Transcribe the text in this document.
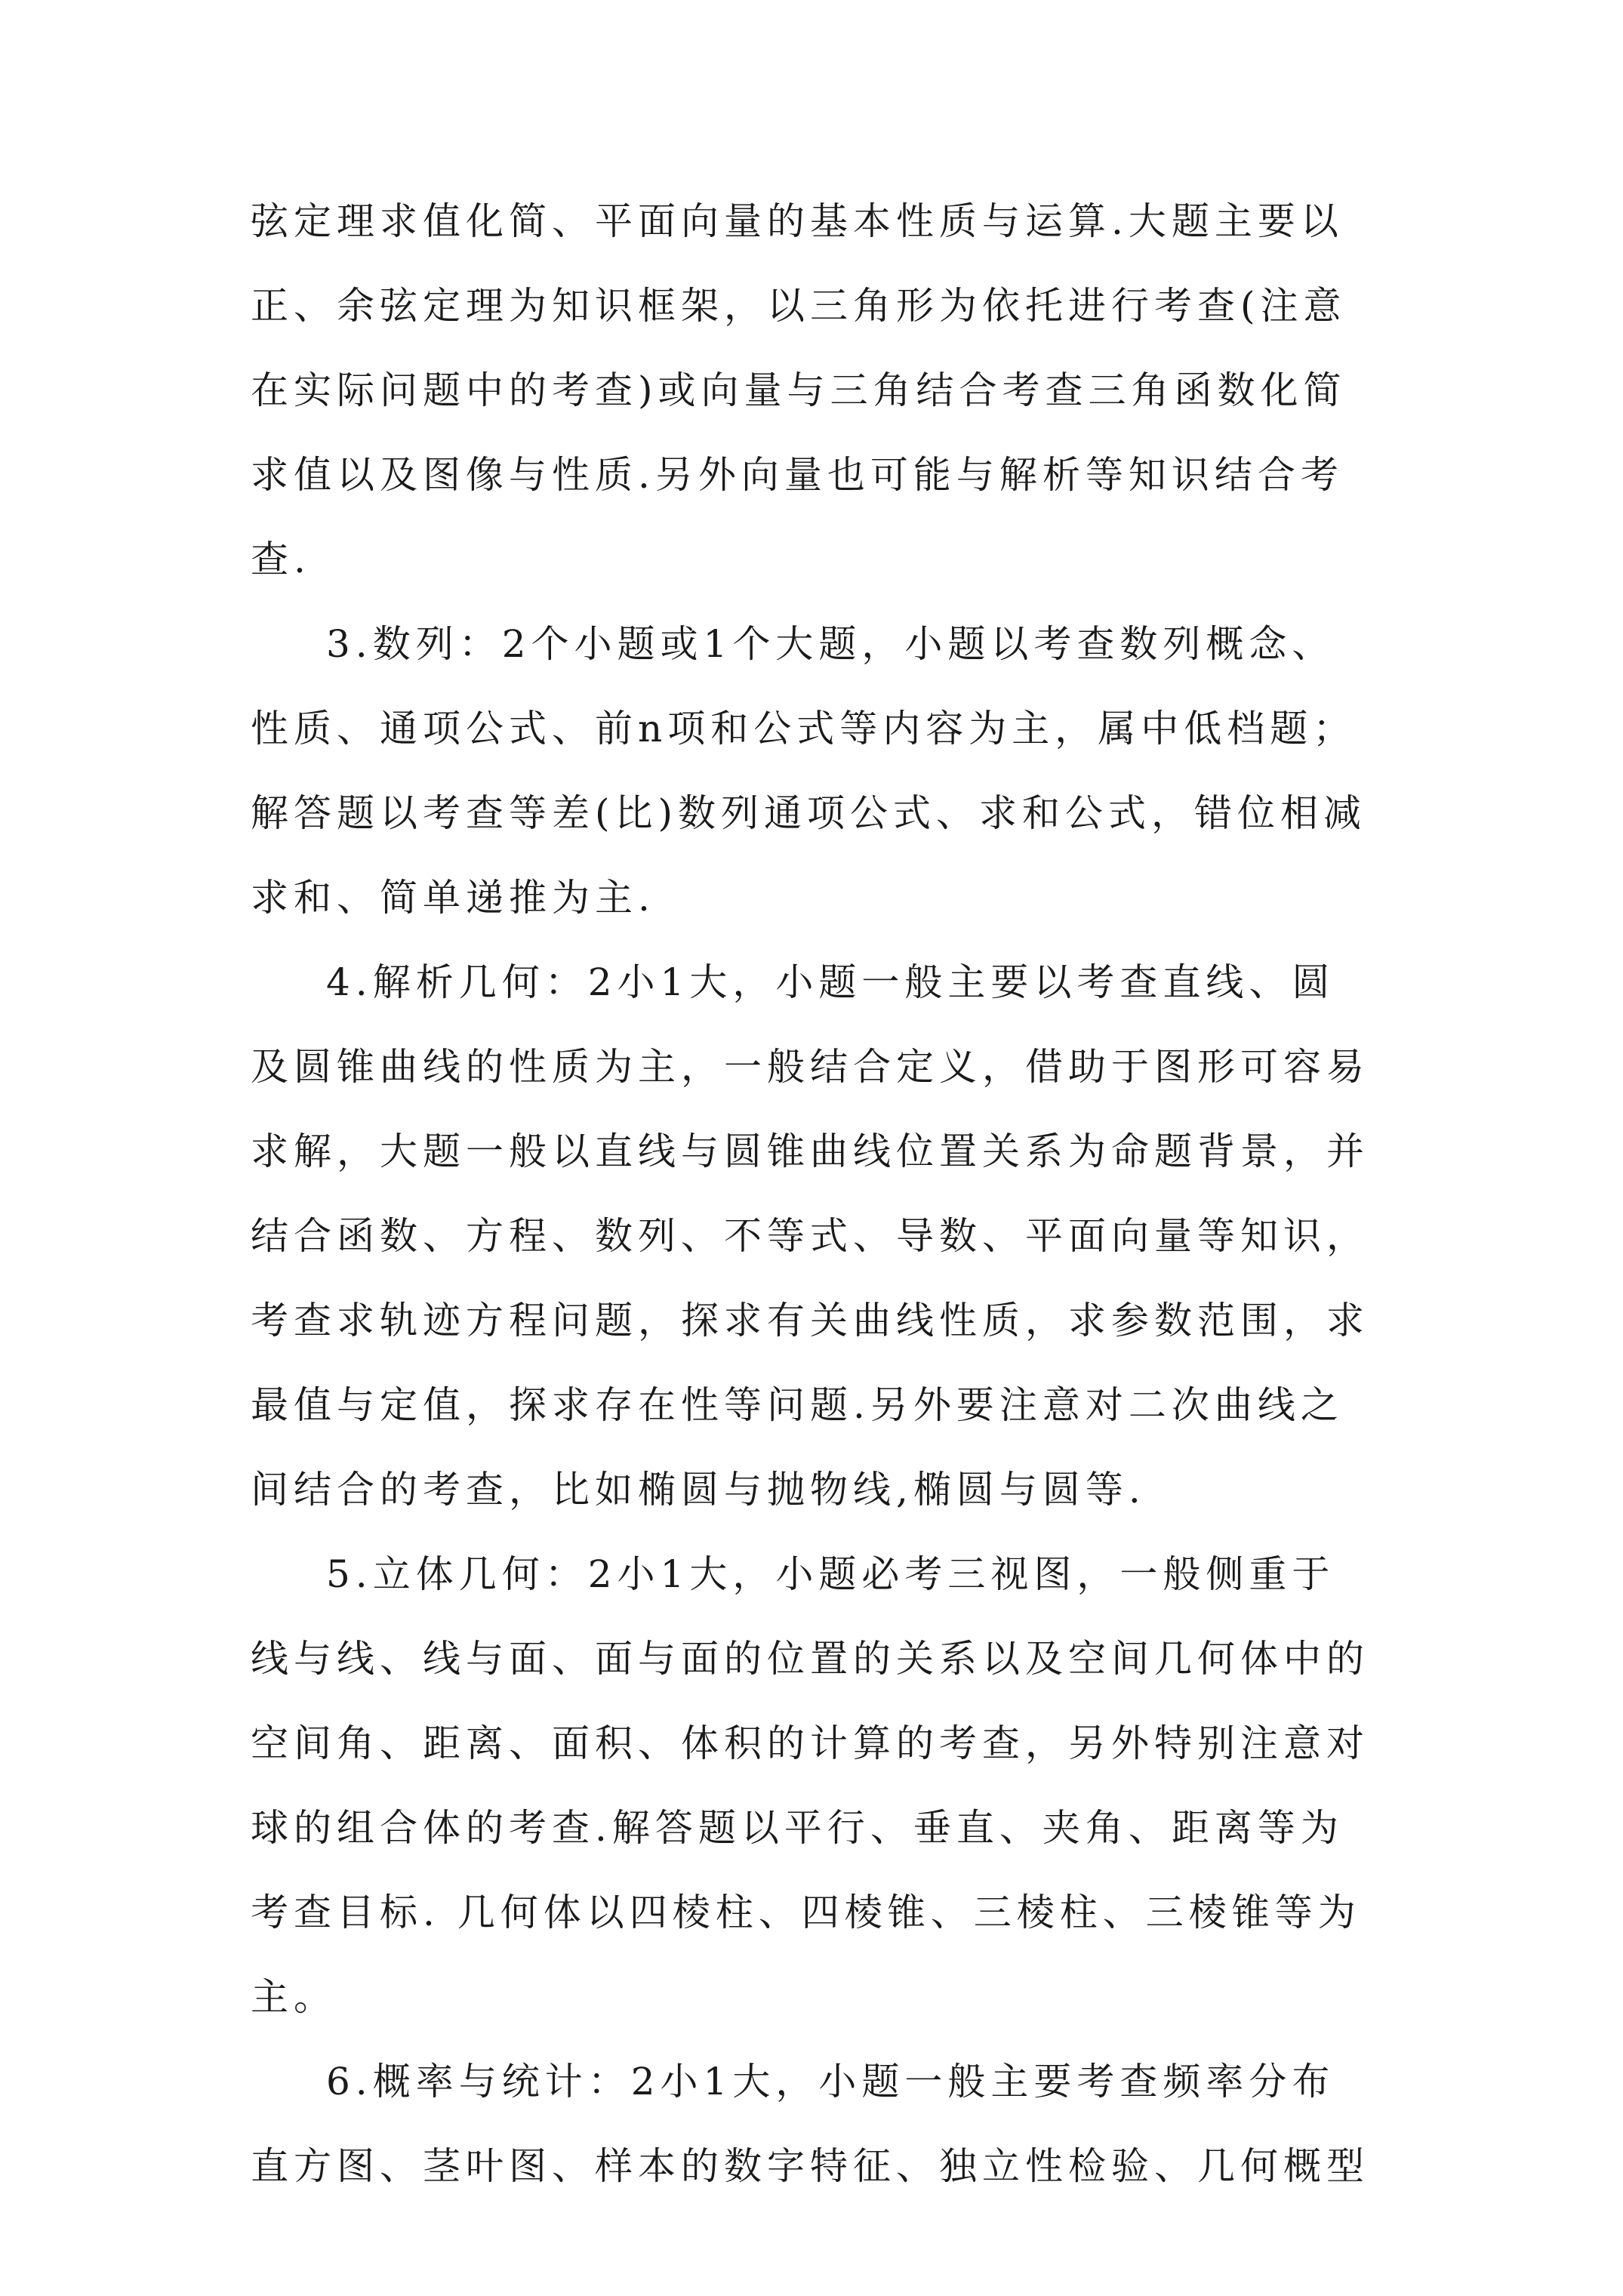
弦定理求值化简、平面向量的基本性质与运算.大题主要以
正、余弦定理为知识框架，以三角形为依托进行考查(注意
在实际问题中的考查)或向量与三角结合考查三角函数化简
求值以及图像与性质.另外向量也可能与解析等知识结合考
查.
3.数列：2个小题或1个大题，小题以考查数列概念、
性质、通项公式、前n项和公式等内容为主，属中低档题；
解答题以考查等差(比)数列通项公式、求和公式，错位相减
求和、简单递推为主.
4.解析几何：2小1大，小题一般主要以考查直线、圆
及圆锥曲线的性质为主，一般结合定义，借助于图形可容易
求解，大题一般以直线与圆锥曲线位置关系为命题背景，并
结合函数、方程、数列、不等式、导数、平面向量等知识，
考查求轨迹方程问题，探求有关曲线性质，求参数范围，求
最值与定值，探求存在性等问题.另外要注意对二次曲线之
间结合的考查，比如椭圆与抛物线,椭圆与圆等.
5.立体几何：2小1大，小题必考三视图，一般侧重于
线与线、线与面、面与面的位置的关系以及空间几何体中的
空间角、距离、面积、体积的计算的考查，另外特别注意对
球的组合体的考查.解答题以平行、垂直、夹角、距离等为
考查目标. 几何体以四棱柱、四棱锥、三棱柱、三棱锥等为
主。
6.概率与统计：2小1大，小题一般主要考查频率分布
直方图、茎叶图、样本的数字特征、独立性检验、几何概型
